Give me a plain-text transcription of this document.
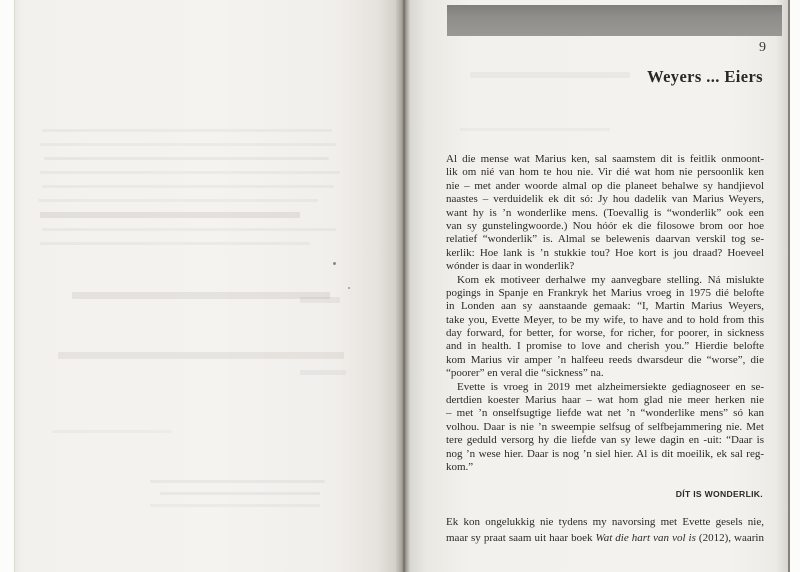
9
Weyers ... Eiers
Al die mense wat Marius ken, sal saamstem dit is feitlik onmoont-
lik om nié van hom te hou nie. Vir dié wat hom nie persoonlik ken
nie – met ander woorde almal op die planeet behalwe sy handjievol
naastes – verduidelik ek dit só: Jy hou dadelik van Marius Weyers,
want hy is ’n wonderlike mens. (Toevallig is “wonderlik” ook een
van sy gunstelingwoorde.) Nou hóór ek die filosowe brom oor hoe
relatief “wonderlik” is. Almal se belewenis daarvan verskil tog se-
kerlik: Hoe lank is ’n stukkie tou? Hoe kort is jou draad? Hoeveel
wónder is daar in wonderlik?
Kom ek motiveer derhalwe my aanvegbare stelling. Ná mislukte
pogings in Spanje en Frankryk het Marius vroeg in 1975 dié belofte
in Londen aan sy aanstaande gemaak: “I, Martin Marius Weyers,
take you, Evette Meyer, to be my wife, to have and to hold from this
day forward, for better, for worse, for richer, for poorer, in sickness
and in health. I promise to love and cherish you.” Hierdie belofte
kom Marius vir amper ’n halfeeu reeds dwarsdeur die “worse”, die
“poorer” en veral die “sickness” na.
Evette is vroeg in 2019 met alzheimersiekte gediagnoseer en se-
dertdien koester Marius haar – wat hom glad nie meer herken nie
– met ’n onselfsugtige liefde wat net ’n “wonderlike mens” só kan
volhou. Daar is nie ’n sweempie selfsug of selfbejammering nie. Met
tere geduld versorg hy die liefde van sy lewe dagin en -uit: “Daar is
nog ’n wese hier. Daar is nog ’n siel hier. Al is dit moeilik, ek sal reg-
kom.”
DÍT IS WONDERLIK.
Ek kon ongelukkig nie tydens my navorsing met Evette gesels nie,
maar sy praat saam uit haar boek Wat die hart van vol is (2012), waarin
